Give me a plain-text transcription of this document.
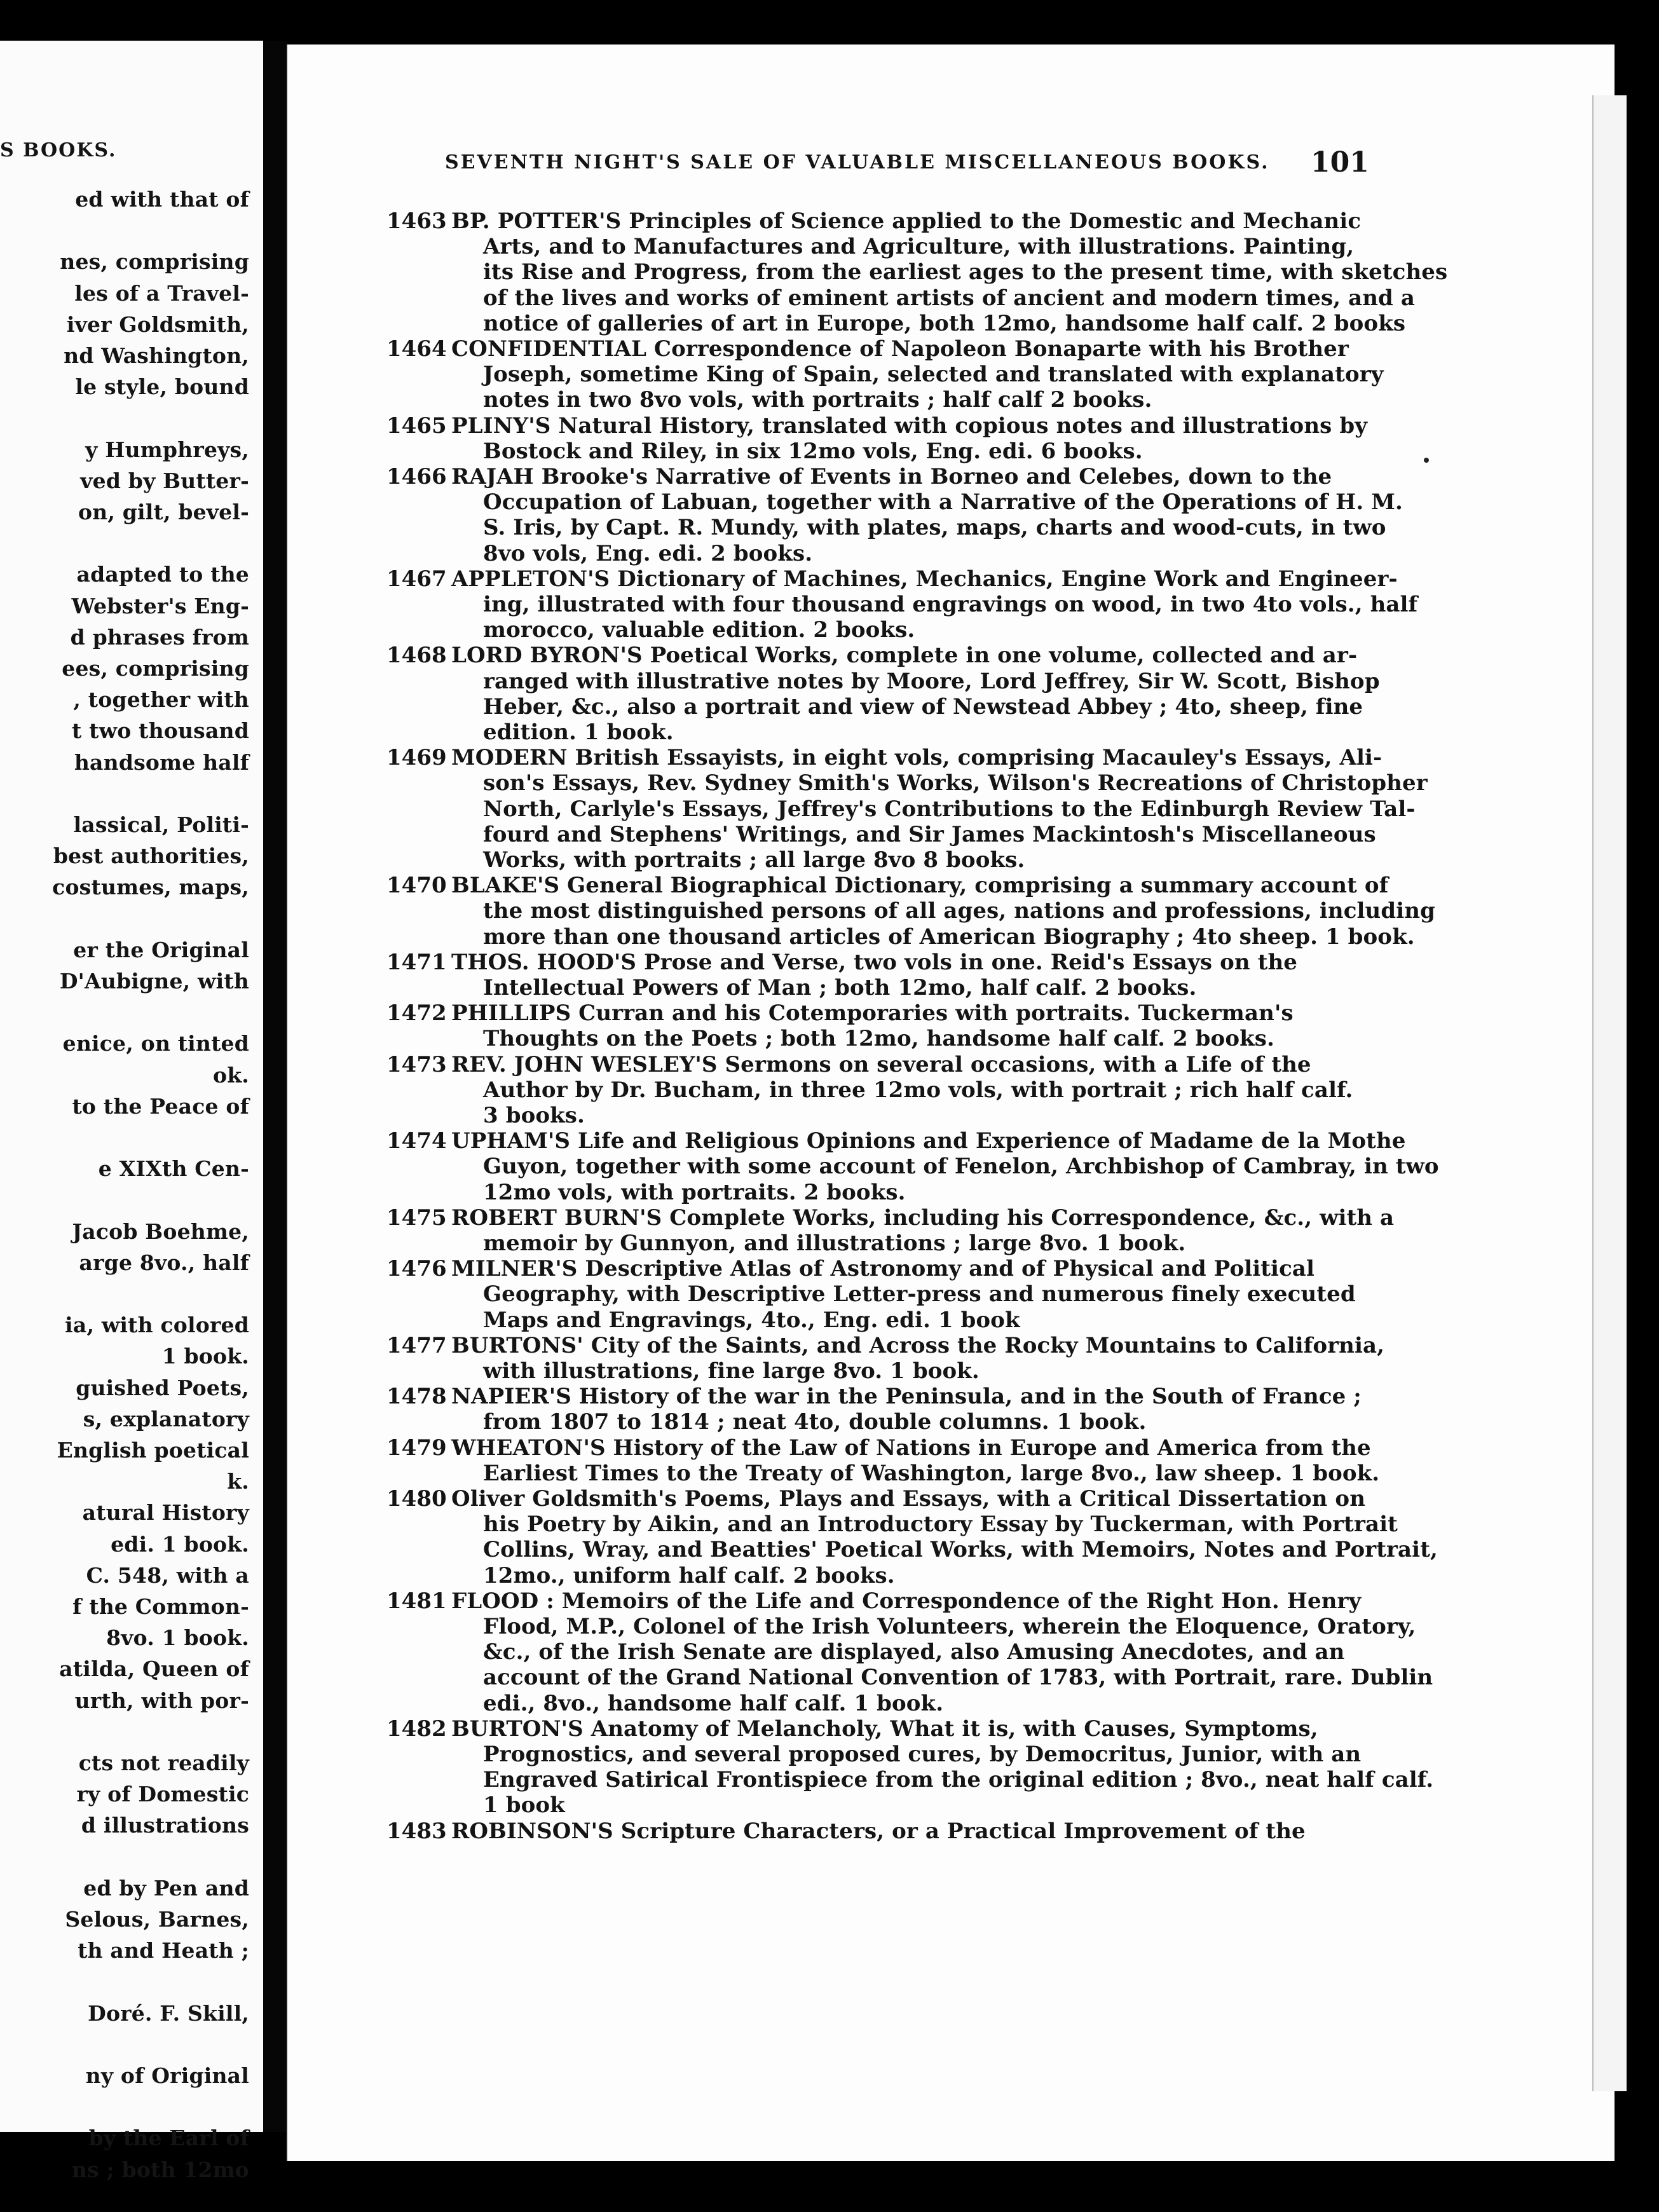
S BOOKS.
ed with that of
nes, comprising
les of a Travel-
iver Goldsmith,
nd Washington,
le style, bound
y Humphreys,
ved by Butter-
on, gilt, bevel-
adapted to the
Webster's Eng-
d phrases from
ees, comprising
, together with
t two thousand
handsome half
lassical, Politi-
best authorities,
costumes, maps,
er the Original
D'Aubigne, with
enice, on tinted
ok.
to the Peace of
e XIXth Cen-
Jacob Boehme,
arge 8vo., half
ia, with colored
1 book.
guished Poets,
s, explanatory
English poetical
k.
atural History
edi. 1 book.
C. 548, with a
f the Common-
8vo. 1 book.
atilda, Queen of
urth, with por-
cts not readily
ry of Domestic
d illustrations
ed by Pen and
Selous, Barnes,
th and Heath ;
Doré. F. Skill,
ny of Original
by the Earl of
ns ; both 12mo
SEVENTH NIGHT'S SALE OF VALUABLE MISCELLANEOUS BOOKS. 101
1463 BP. POTTER'S Principles of Science applied to the Domestic and Mechanic
Arts, and to Manufactures and Agriculture, with illustrations. Painting,
its Rise and Progress, from the earliest ages to the present time, with sketches
of the lives and works of eminent artists of ancient and modern times, and a
notice of galleries of art in Europe, both 12mo, handsome half calf. 2 books
1464 CONFIDENTIAL Correspondence of Napoleon Bonaparte with his Brother
Joseph, sometime King of Spain, selected and translated with explanatory
notes in two 8vo vols, with portraits ; half calf 2 books.
1465 PLINY'S Natural History, translated with copious notes and illustrations by
Bostock and Riley, in six 12mo vols, Eng. edi. 6 books.
1466 RAJAH Brooke's Narrative of Events in Borneo and Celebes, down to the
Occupation of Labuan, together with a Narrative of the Operations of H. M.
S. Iris, by Capt. R. Mundy, with plates, maps, charts and wood-cuts, in two
8vo vols, Eng. edi. 2 books.
1467 APPLETON'S Dictionary of Machines, Mechanics, Engine Work and Engineer-
ing, illustrated with four thousand engravings on wood, in two 4to vols., half
morocco, valuable edition. 2 books.
1468 LORD BYRON'S Poetical Works, complete in one volume, collected and ar-
ranged with illustrative notes by Moore, Lord Jeffrey, Sir W. Scott, Bishop
Heber, &c., also a portrait and view of Newstead Abbey ; 4to, sheep, fine
edition. 1 book.
1469 MODERN British Essayists, in eight vols, comprising Macauley's Essays, Ali-
son's Essays, Rev. Sydney Smith's Works, Wilson's Recreations of Christopher
North, Carlyle's Essays, Jeffrey's Contributions to the Edinburgh Review Tal-
fourd and Stephens' Writings, and Sir James Mackintosh's Miscellaneous
Works, with portraits ; all large 8vo 8 books.
1470 BLAKE'S General Biographical Dictionary, comprising a summary account of
the most distinguished persons of all ages, nations and professions, including
more than one thousand articles of American Biography ; 4to sheep. 1 book.
1471 THOS. HOOD'S Prose and Verse, two vols in one. Reid's Essays on the
Intellectual Powers of Man ; both 12mo, half calf. 2 books.
1472 PHILLIPS Curran and his Cotemporaries with portraits. Tuckerman's
Thoughts on the Poets ; both 12mo, handsome half calf. 2 books.
1473 REV. JOHN WESLEY'S Sermons on several occasions, with a Life of the
Author by Dr. Bucham, in three 12mo vols, with portrait ; rich half calf.
3 books.
1474 UPHAM'S Life and Religious Opinions and Experience of Madame de la Mothe
Guyon, together with some account of Fenelon, Archbishop of Cambray, in two
12mo vols, with portraits. 2 books.
1475 ROBERT BURN'S Complete Works, including his Correspondence, &c., with a
memoir by Gunnyon, and illustrations ; large 8vo. 1 book.
1476 MILNER'S Descriptive Atlas of Astronomy and of Physical and Political
Geography, with Descriptive Letter-press and numerous finely executed
Maps and Engravings, 4to., Eng. edi. 1 book
1477 BURTONS' City of the Saints, and Across the Rocky Mountains to California,
with illustrations, fine large 8vo. 1 book.
1478 NAPIER'S History of the war in the Peninsula, and in the South of France ;
from 1807 to 1814 ; neat 4to, double columns. 1 book.
1479 WHEATON'S History of the Law of Nations in Europe and America from the
Earliest Times to the Treaty of Washington, large 8vo., law sheep. 1 book.
1480 Oliver Goldsmith's Poems, Plays and Essays, with a Critical Dissertation on
his Poetry by Aikin, and an Introductory Essay by Tuckerman, with Portrait
Collins, Wray, and Beatties' Poetical Works, with Memoirs, Notes and Portrait,
12mo., uniform half calf. 2 books.
1481 FLOOD : Memoirs of the Life and Correspondence of the Right Hon. Henry
Flood, M.P., Colonel of the Irish Volunteers, wherein the Eloquence, Oratory,
&c., of the Irish Senate are displayed, also Amusing Anecdotes, and an
account of the Grand National Convention of 1783, with Portrait, rare. Dublin
edi., 8vo., handsome half calf. 1 book.
1482 BURTON'S Anatomy of Melancholy, What it is, with Causes, Symptoms,
Prognostics, and several proposed cures, by Democritus, Junior, with an
Engraved Satirical Frontispiece from the original edition ; 8vo., neat half calf.
1 book
1483 ROBINSON'S Scripture Characters, or a Practical Improvement of the
